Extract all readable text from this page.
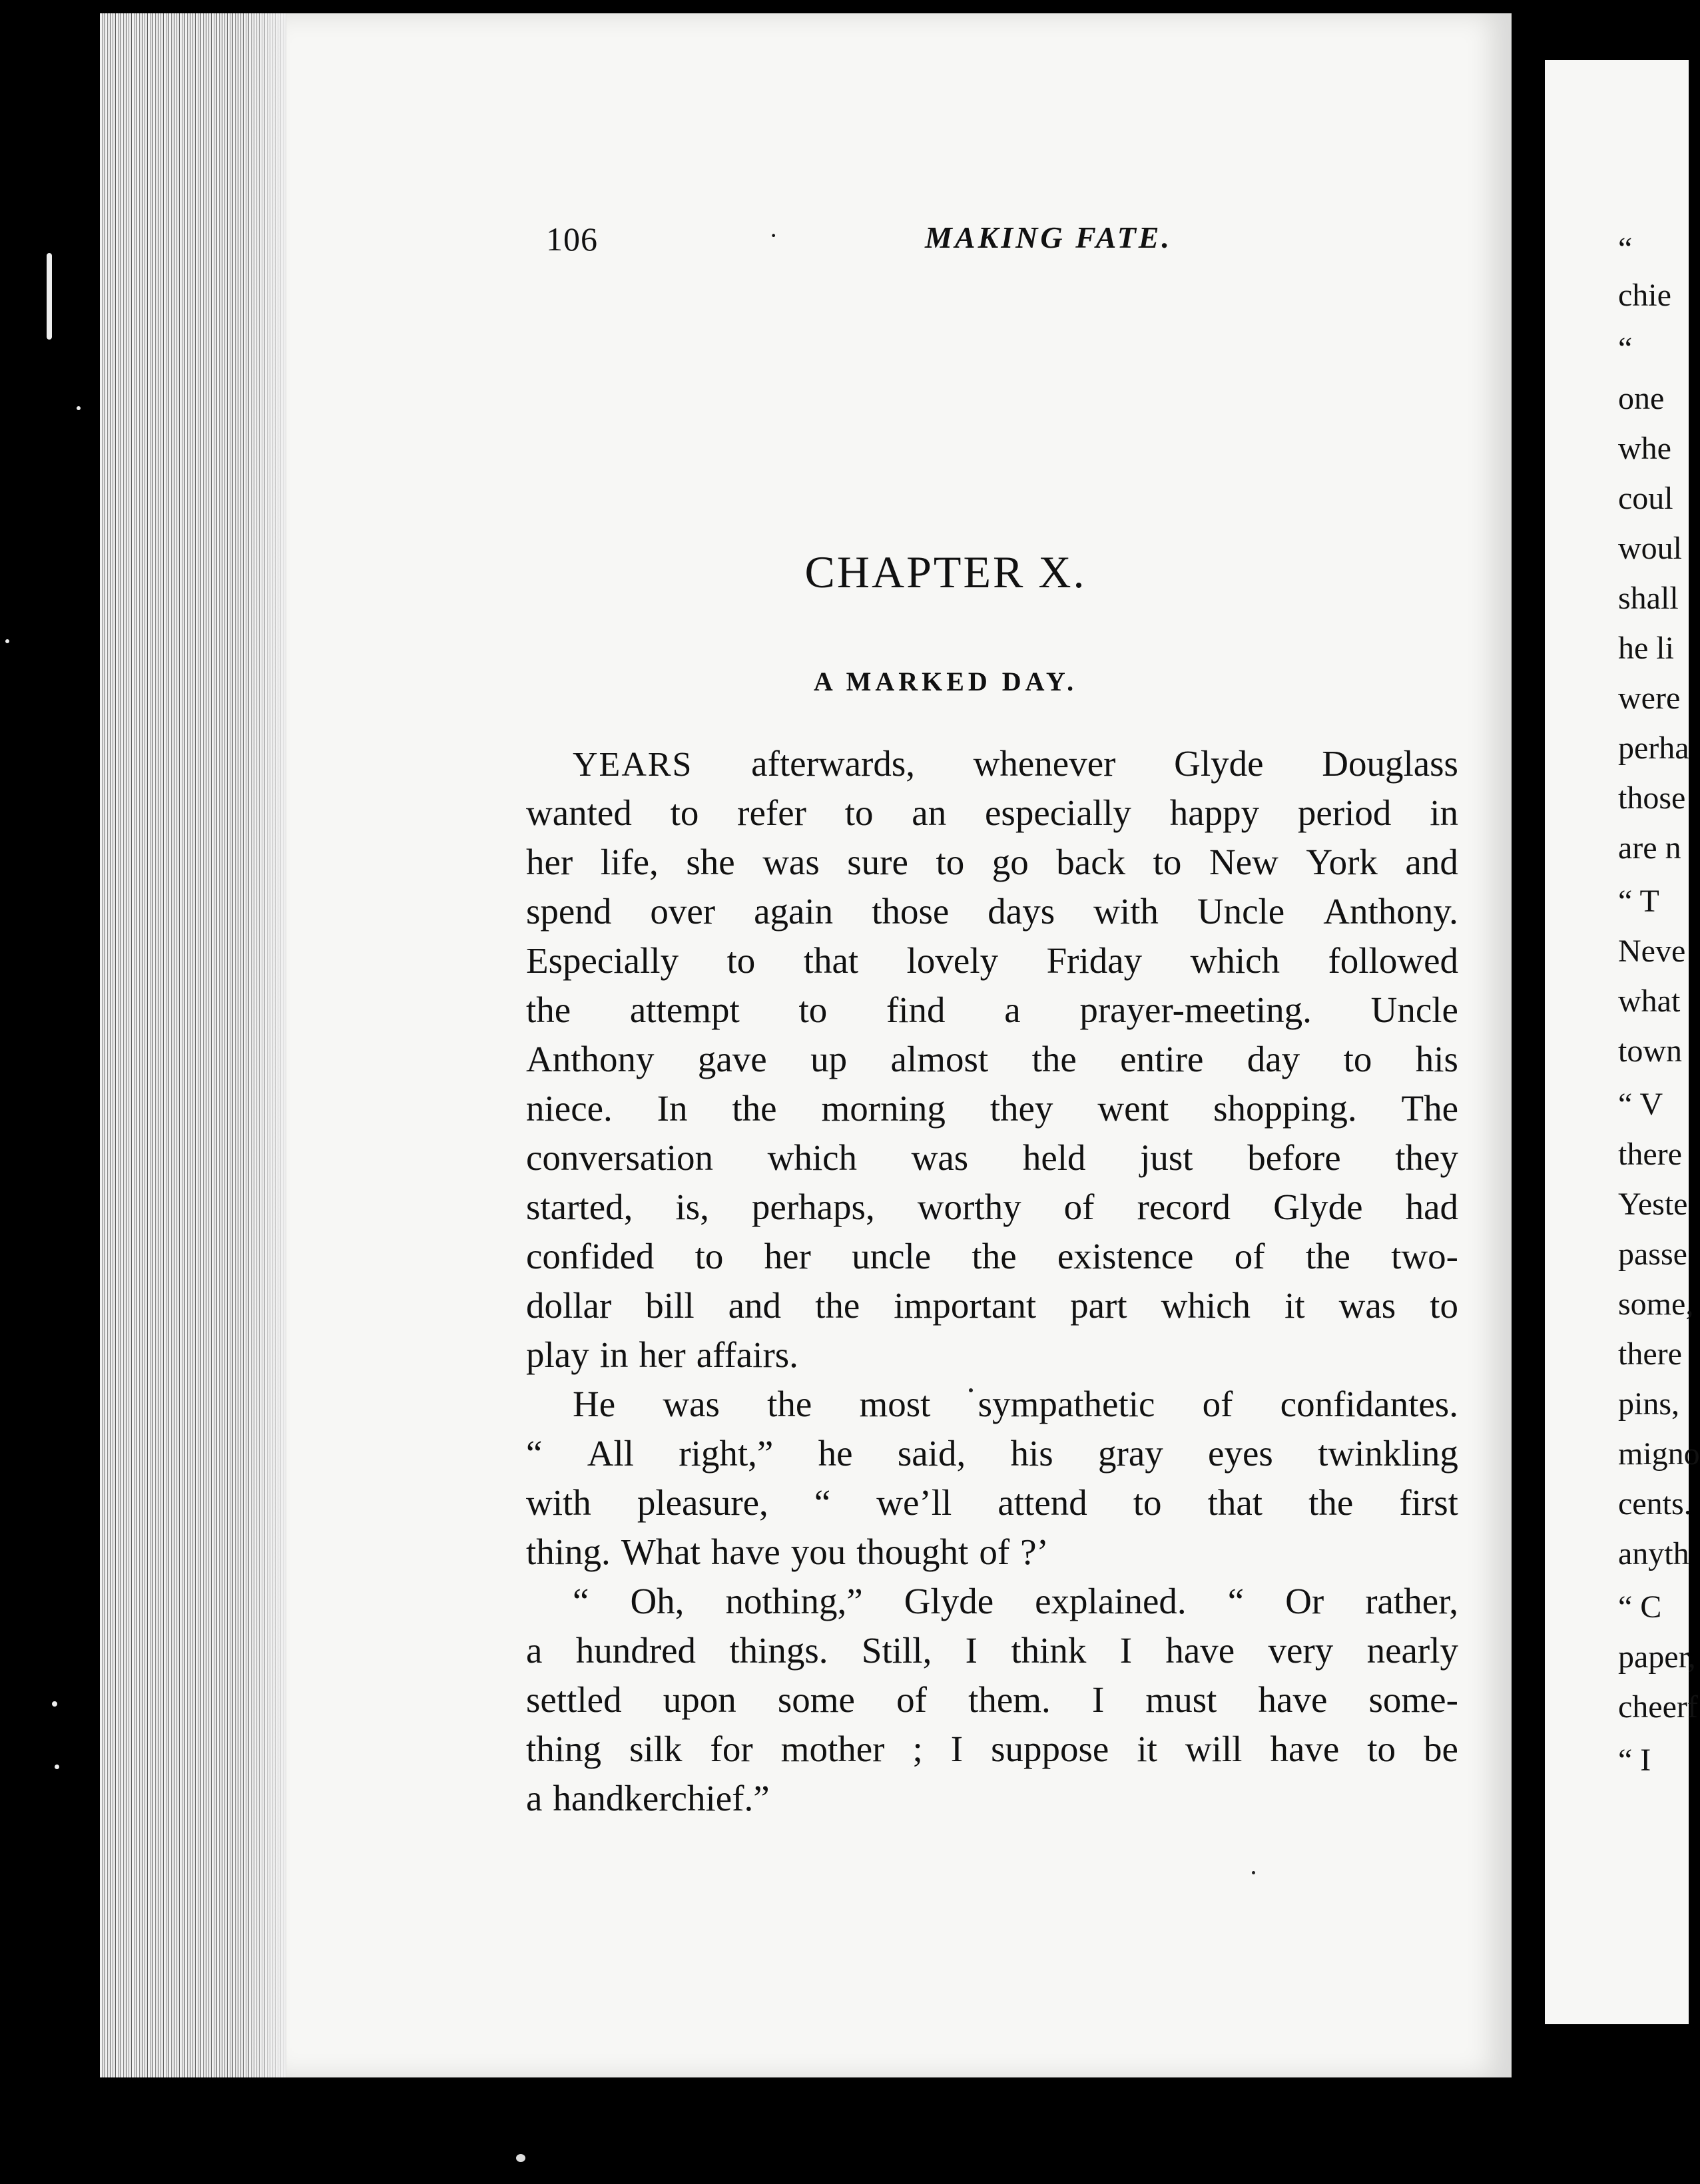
106	·	MAKING FATE.
CHAPTER X.
A MARKED DAY.
YEARS afterwards, whenever Glyde Douglass
wanted to refer to an especially happy period in
her life, she was sure to go back to New York and
spend over again those days with Uncle Anthony.
Especially to that lovely Friday which followed
the attempt to find a prayer-meeting. Uncle
Anthony gave up almost the entire day to his
niece. In the morning they went shopping. The
conversation which was held just before they
started, is, perhaps, worthy of record Glyde had
confided to her uncle the existence of the two-
dollar bill and the important part which it was to
play in her affairs.
He was the most sympathetic of confidantes.
“ All right,” he said, his gray eyes twinkling
with pleasure, “ we’ll attend to that the first
thing. What have you thought of ?’
“ Oh, nothing,” Glyde explained. “ Or rather,
a hundred things. Still, I think I have very nearly
settled upon some of them. I must have some-
thing silk for mother ; I suppose it will have to be
a handkerchief.”
“
chie
“
one
whe
coul
woul
shall
he li
were
perha
those
are n
“ T
Neve
what
town
“ V
there
Yeste
passe
some,
there
pins,
migno
cents.
anyth
“ C
paper,
cheerf
“ I
